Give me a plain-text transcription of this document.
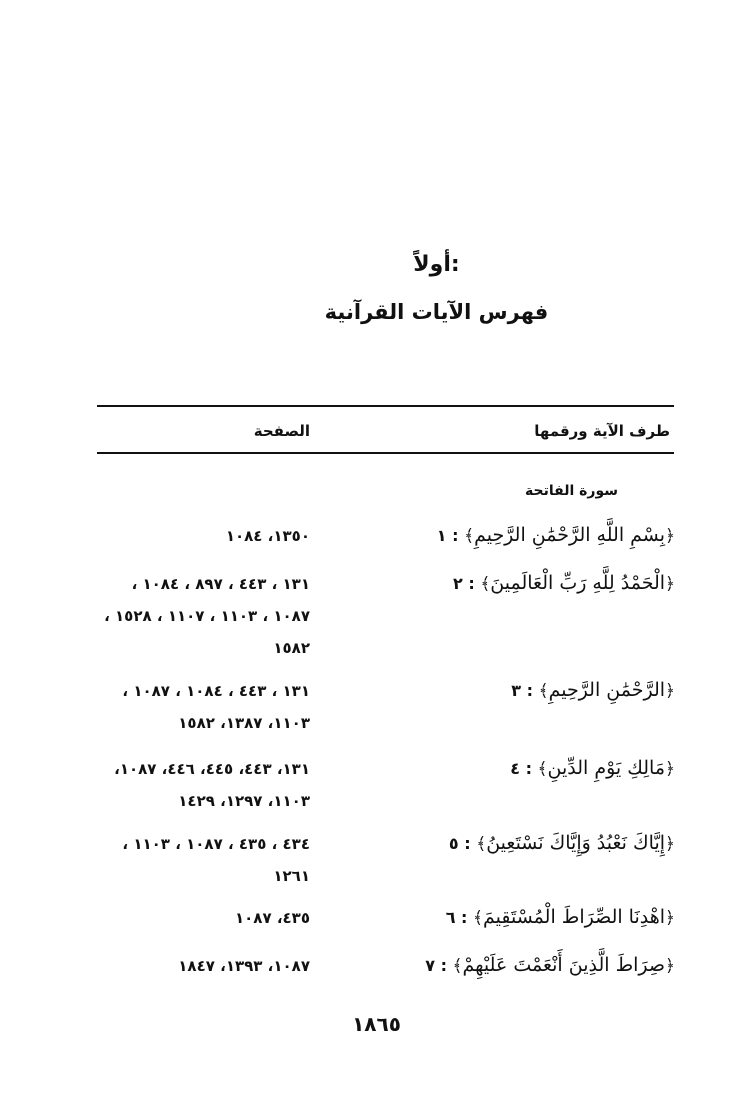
أولاً:
فهرس الآيات القرآنية
طرف الآية ورقمها
الصفحة
سورة الفاتحة
﴿بِسْمِ اللَّهِ الرَّحْمَٰنِ الرَّحِيمِ﴾ : ١
١٣٥٠، ١٠٨٤
﴿الْحَمْدُ لِلَّهِ رَبِّ الْعَالَمِينَ﴾ : ٢
١٣١ ، ٤٤٣ ، ٨٩٧ ، ١٠٨٤ ،
١٠٨٧ ، ١١٠٣ ، ١١٠٧ ، ١٥٢٨ ،
١٥٨٢
﴿الرَّحْمَٰنِ الرَّحِيمِ﴾ : ٣
١٣١ ، ٤٤٣ ، ١٠٨٤ ، ١٠٨٧ ،
١١٠٣، ١٣٨٧، ١٥٨٢
﴿مَالِكِ يَوْمِ الدِّينِ﴾ : ٤
١٣١، ٤٤٣، ٤٤٥، ٤٤٦، ١٠٨٧،
١١٠٣، ١٢٩٧، ١٤٢٩
﴿إِيَّاكَ نَعْبُدُ وَإِيَّاكَ نَسْتَعِينُ﴾ : ٥
٤٣٤ ، ٤٣٥ ، ١٠٨٧ ، ١١٠٣ ،
١٢٦١
﴿اهْدِنَا الصِّرَاطَ الْمُسْتَقِيمَ﴾ : ٦
٤٣٥، ١٠٨٧
﴿صِرَاطَ الَّذِينَ أَنْعَمْتَ عَلَيْهِمْ﴾ : ٧
١٠٨٧، ١٣٩٣، ١٨٤٧
١٨٦٥
